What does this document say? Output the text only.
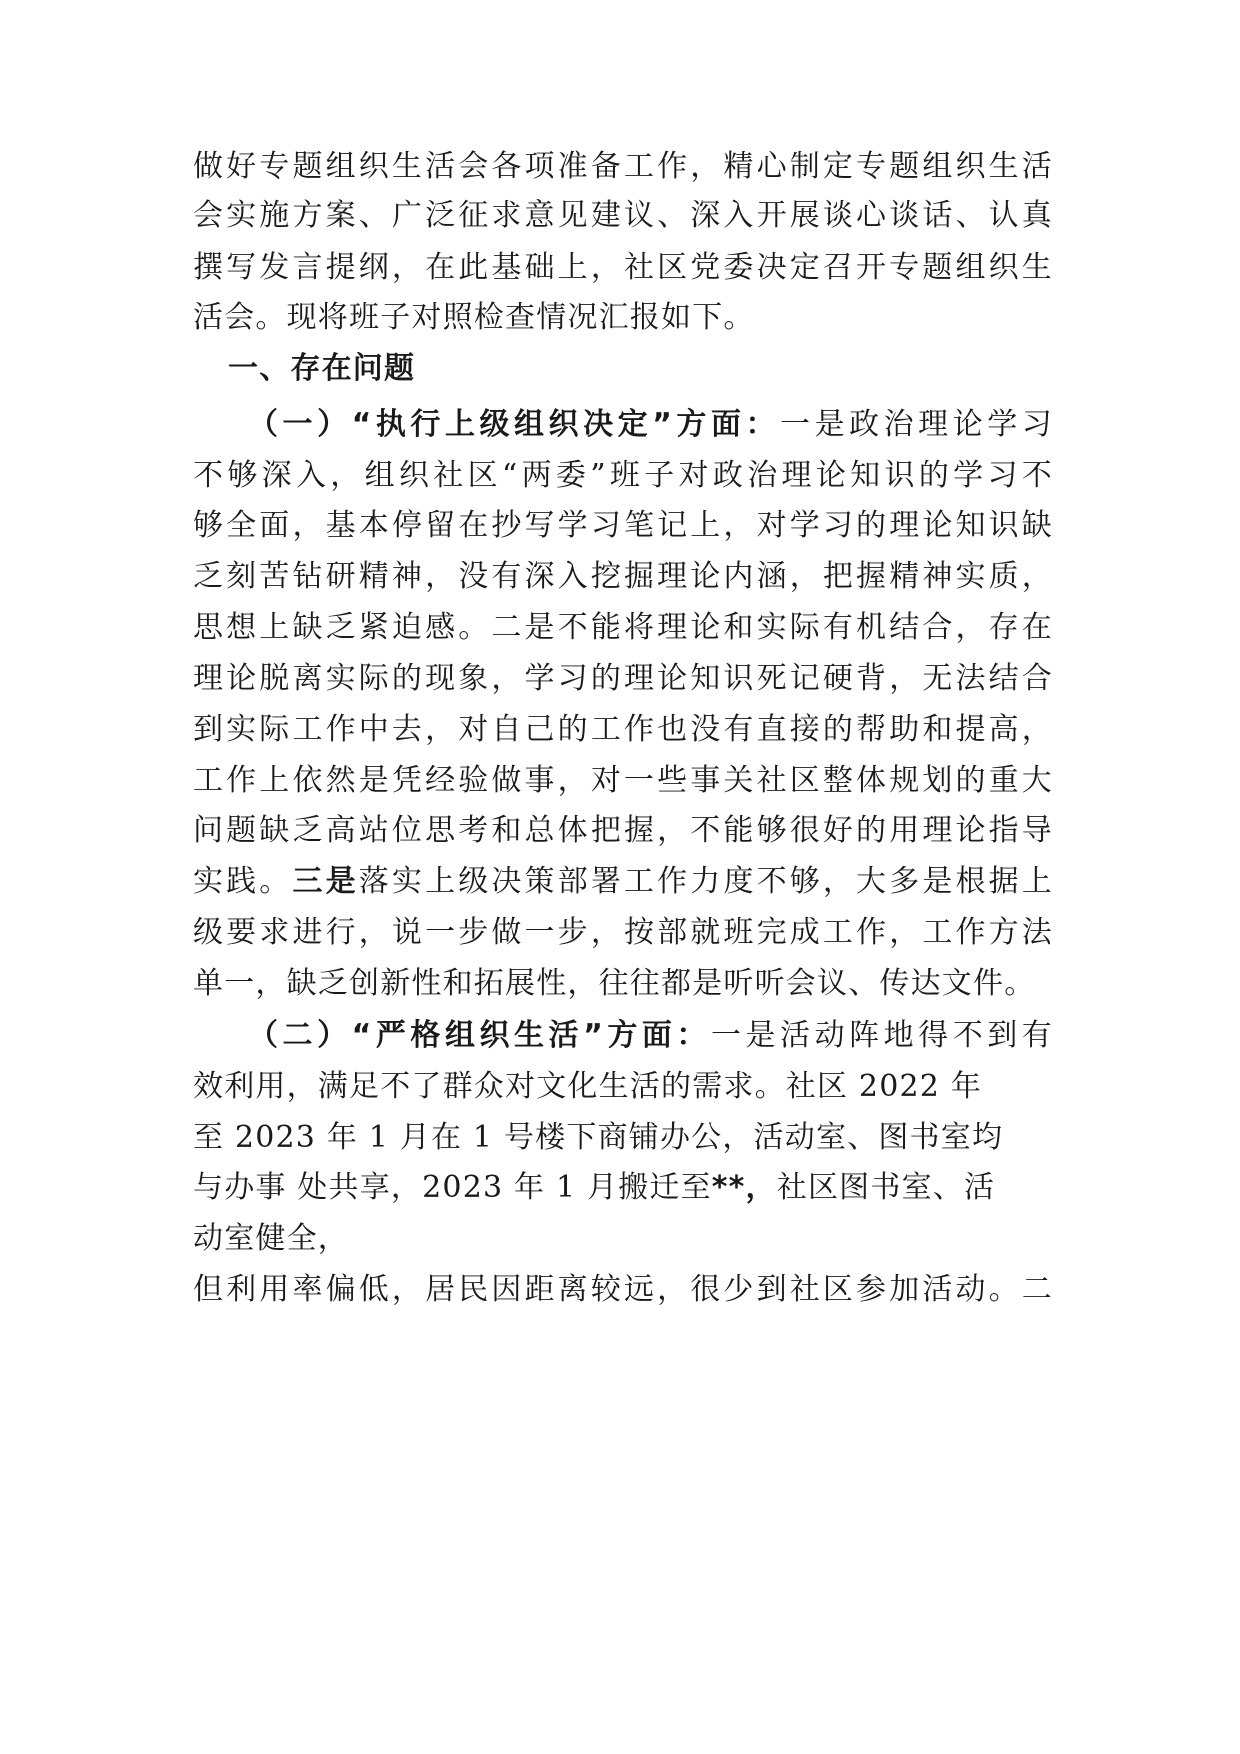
做好专题组织生活会各项准备工作，精心制定专题组织生活
会实施方案、广泛征求意见建议、深入开展谈心谈话、认真
撰写发言提纲，在此基础上，社区党委决定召开专题组织生
活会。现将班子对照检查情况汇报如下。
一、存在问题
（一）“执行上级组织决定”方面：一是政治理论学习
不够深入，组织社区“两委”班子对政治理论知识的学习不
够全面，基本停留在抄写学习笔记上，对学习的理论知识缺
乏刻苦钻研精神，没有深入挖掘理论内涵，把握精神实质，
思想上缺乏紧迫感。二是不能将理论和实际有机结合，存在
理论脱离实际的现象，学习的理论知识死记硬背，无法结合
到实际工作中去，对自己的工作也没有直接的帮助和提高，
工作上依然是凭经验做事，对一些事关社区整体规划的重大
问题缺乏高站位思考和总体把握，不能够很好的用理论指导
实践。三是落实上级决策部署工作力度不够，大多是根据上
级要求进行，说一步做一步，按部就班完成工作，工作方法
单一，缺乏创新性和拓展性，往往都是听听会议、传达文件。
（二）“严格组织生活”方面：一是活动阵地得不到有
效利用，满足不了群众对文化生活的需求。社区 2022 年
至 2023 年 1 月在 1 号楼下商铺办公，活动室、图书室均
与办事 处共享，2023 年 1 月搬迁至**，社区图书室、活
动室健全，
但利用率偏低，居民因距离较远，很少到社区参加活动。二
